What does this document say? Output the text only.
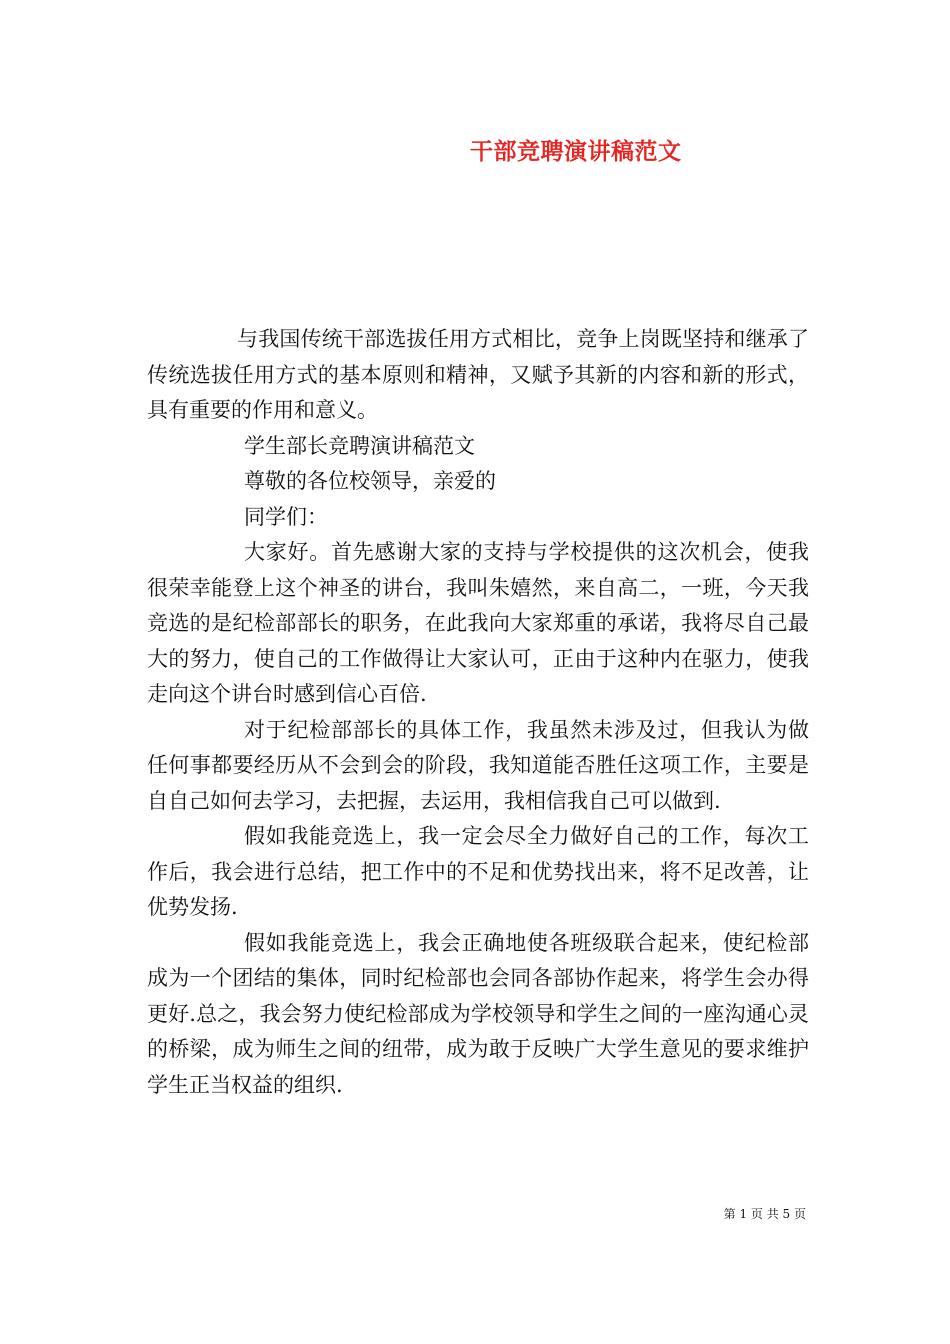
干部竞聘演讲稿范文

与我国传统干部选拔任用方式相比，竞争上岗既坚持和继承了传统选拔任用方式的基本原则和精神，又赋予其新的内容和新的形式，具有重要的作用和意义。

学生部长竞聘演讲稿范文

尊敬的各位校领导，亲爱的

同学们：

大家好。首先感谢大家的支持与学校提供的这次机会，使我很荣幸能登上这个神圣的讲台，我叫朱嬉然，来自高二，一班，今天我竞选的是纪检部部长的职务，在此我向大家郑重的承诺，我将尽自己最大的努力，使自己的工作做得让大家认可，正由于这种内在驱力，使我走向这个讲台时感到信心百倍.

对于纪检部部长的具体工作，我虽然未涉及过，但我认为做任何事都要经历从不会到会的阶段，我知道能否胜任这项工作，主要是自自己如何去学习，去把握，去运用，我相信我自己可以做到.

假如我能竞选上，我一定会尽全力做好自己的工作，每次工作后，我会进行总结，把工作中的不足和优势找出来，将不足改善，让优势发扬.

假如我能竞选上，我会正确地使各班级联合起来，使纪检部成为一个团结的集体，同时纪检部也会同各部协作起来，将学生会办得更好.总之，我会努力使纪检部成为学校领导和学生之间的一座沟通心灵的桥梁，成为师生之间的纽带，成为敢于反映广大学生意见的要求维护学生正当权益的组织.

第 1 页 共 5 页
